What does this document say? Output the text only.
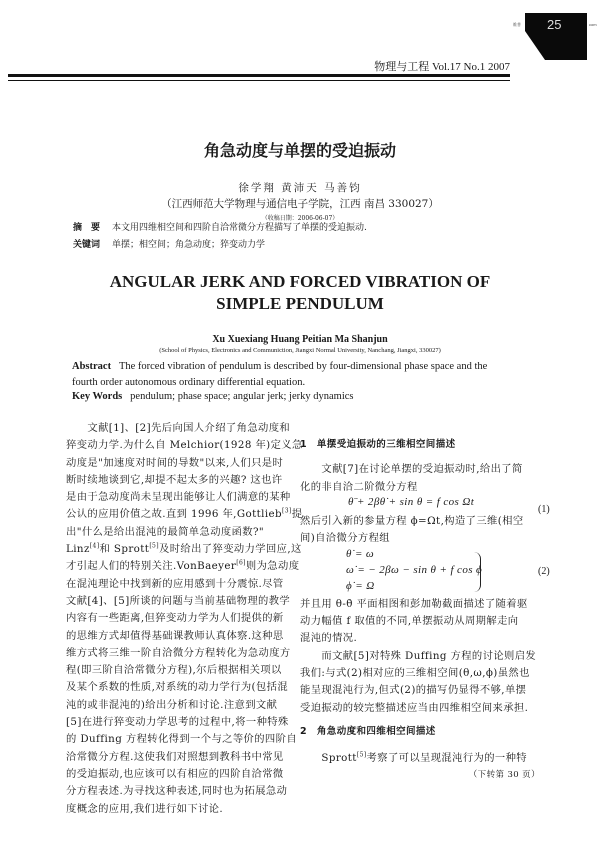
维普	com
25
物理与工程 Vol.17 No.1 2007
角急动度与单摆的受迫振动
徐学翔 黄沛天 马善钧
（江西师范大学物理与通信电子学院，江西 南昌 330027）
（收稿日期：2006-06-07）
摘　要 本文用四维相空间和四阶自洽常微分方程描写了单摆的受迫振动.
关键词 单摆；相空间；角急动度；猝变动力学
ANGULAR JERK AND FORCED VIBRATION OF
SIMPLE PENDULUM
Xu Xuexiang Huang Peitian Ma Shanjun
(School of Physics, Electronics and Communiction, Jiangxi Normal University, Nanchang, Jiangxi, 330027)
Abstract The forced vibration of pendulum is described by four-dimensional phase space and the fourth order autonomous ordinary differential equation.
Key Words pendulum; phase space; angular jerk; jerky dynamics
　　文献[1]、[2]先后向国人介绍了角急动度和
猝变动力学.为什么自 Melchior(1928 年)定义急
动度是"加速度对时间的导数"以来,人们只是时
断时续地谈到它,却提不起太多的兴趣? 这也许
是由于急动度尚未呈现出能够让人们满意的某种
公认的应用价值之故.直到 1996 年,Gottlieb[3]提
出"什么是给出混沌的最简单急动度函数?"
Linz[4]和 Sprott[5]及时给出了猝变动力学回应,这
才引起人们的特别关注.VonBaeyer[6]则为急动度
在混沌理论中找到新的应用感到十分震惊.尽管
文献[4]、[5]所谈的问题与当前基础物理的教学
内容有一些距离,但猝变动力学为人们提供的新
的思维方式却值得基础课教师认真体察.这种思
维方式将三维一阶自洽微分方程转化为急动度方
程(即三阶自洽常微分方程),尔后根据相关项以
及某个系数的性质,对系统的动力学行为(包括混
沌的或非混沌的)给出分析和讨论.注意到文献
[5]在进行猝变动力学思考的过程中,将一种特殊
的 Duffing 方程转化得到一个与之等价的四阶自
洽常微分方程.这使我们对照想到教科书中常见
的受迫振动,也应该可以有相应的四阶自洽常微
分方程表述.为寻找这种表述,同时也为拓展急动
度概念的应用,我们进行如下讨论.
1　单摆受迫振动的三维相空间描述
　　文献[7]在讨论单摆的受迫振动时,给出了简
化的非自洽二阶微分方程
θ̈ + 2βθ̇ + sin θ = f cos Ωt
然后引入新的参量方程 ϕ=Ωt,构造了三维(相空
间)自洽微分方程组
θ̇ = ω
ω̇ = − 2βω − sin θ + f cos ϕ
ϕ̇ = Ω
并且用 θ-θ̇ 平面相图和彭加勒截面描述了随着驱
动力幅值 f 取值的不同,单摆振动从周期解走向
混沌的情况.
　　而文献[5]对特殊 Duffing 方程的讨论则启发
我们:与式(2)相对应的三维相空间(θ,ω,ϕ)虽然也
能呈现混沌行为,但式(2)的描写仍显得不够,单摆
受迫振动的较完整描述应当由四维相空间来承担.
2　角急动度和四维相空间描述
　　Sprott[5]考察了可以呈现混沌行为的一种特
（下转第 30 页）
(1)
(2)
